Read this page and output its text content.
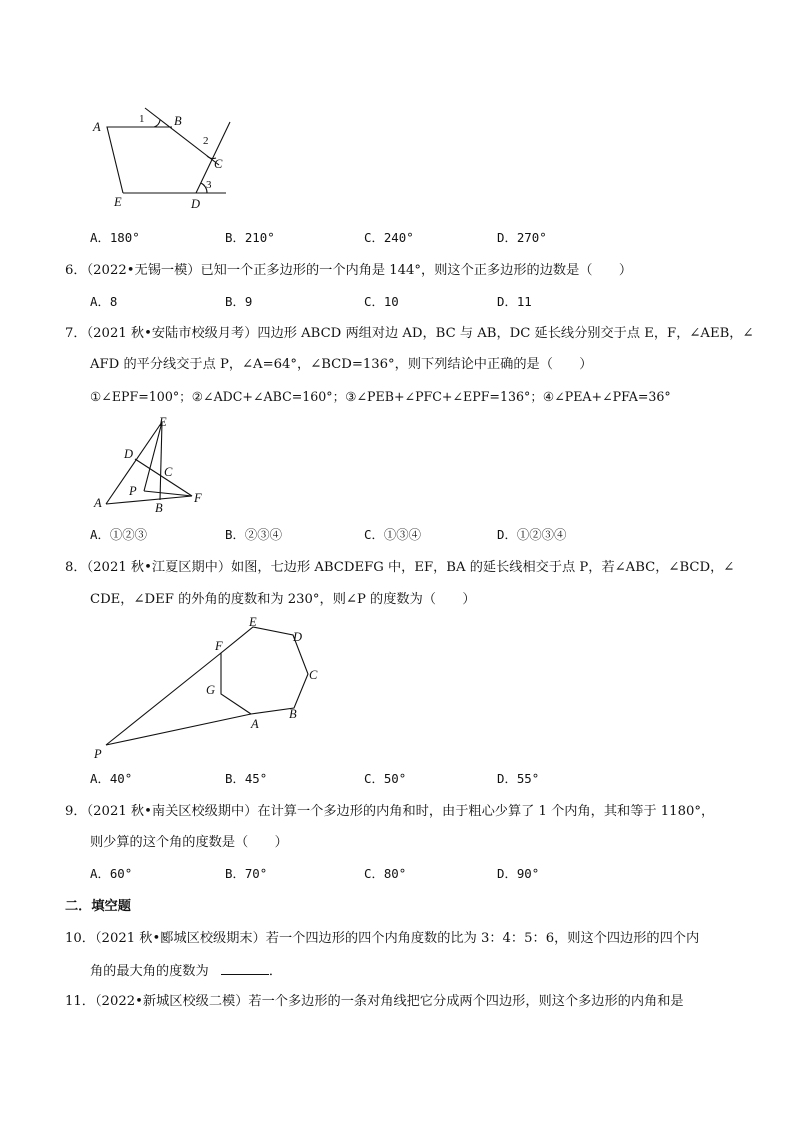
A	B
C
D
E
1
2
3
A．180°	B．210°	C．240°	D．270°
6．（2022•无锡一模）已知一个正多边形的一个内角是 144°，则这个正多边形的边数是（　　）
A．8	B．9	C．10	D．11
7．（2021 秋•安陆市校级月考）四边形 ABCD 两组对边 AD，BC 与 AB，DC 延长线分别交于点 E，F，∠AEB，∠
AFD 的平分线交于点 P，∠A=64°，∠BCD=136°，则下列结论中正确的是（　　）
①∠EPF=100°；②∠ADC+∠ABC=160°；③∠PEB+∠PFC+∠EPF=136°；④∠PEA+∠PFA=36°
E
D
C
P
A	B
F
A．①②③	B．②③④	C．①③④	D．①②③④
8．（2021 秋•江夏区期中）如图，七边形 ABCDEFG 中，EF，BA 的延长线相交于点 P，若∠ABC，∠BCD，∠
CDE，∠DEF 的外角的度数和为 230°，则∠P 的度数为（　　）
E
D
F
C
G
B
A
P
A．40°	B．45°	C．50°	D．55°
9．（2021 秋•南关区校级期中）在计算一个多边形的内角和时，由于粗心少算了 1 个内角，其和等于 1180°，
则少算的这个角的度数是（　　）
A．60°	B．70°	C．80°	D．90°
二．填空题
10．（2021 秋•郾城区校级期末）若一个四边形的四个内角度数的比为 3：4：5：6，则这个四边形的四个内
角的最大角的度数为	．
11．（2022•新城区校级二模）若一个多边形的一条对角线把它分成两个四边形，则这个多边形的内角和是
